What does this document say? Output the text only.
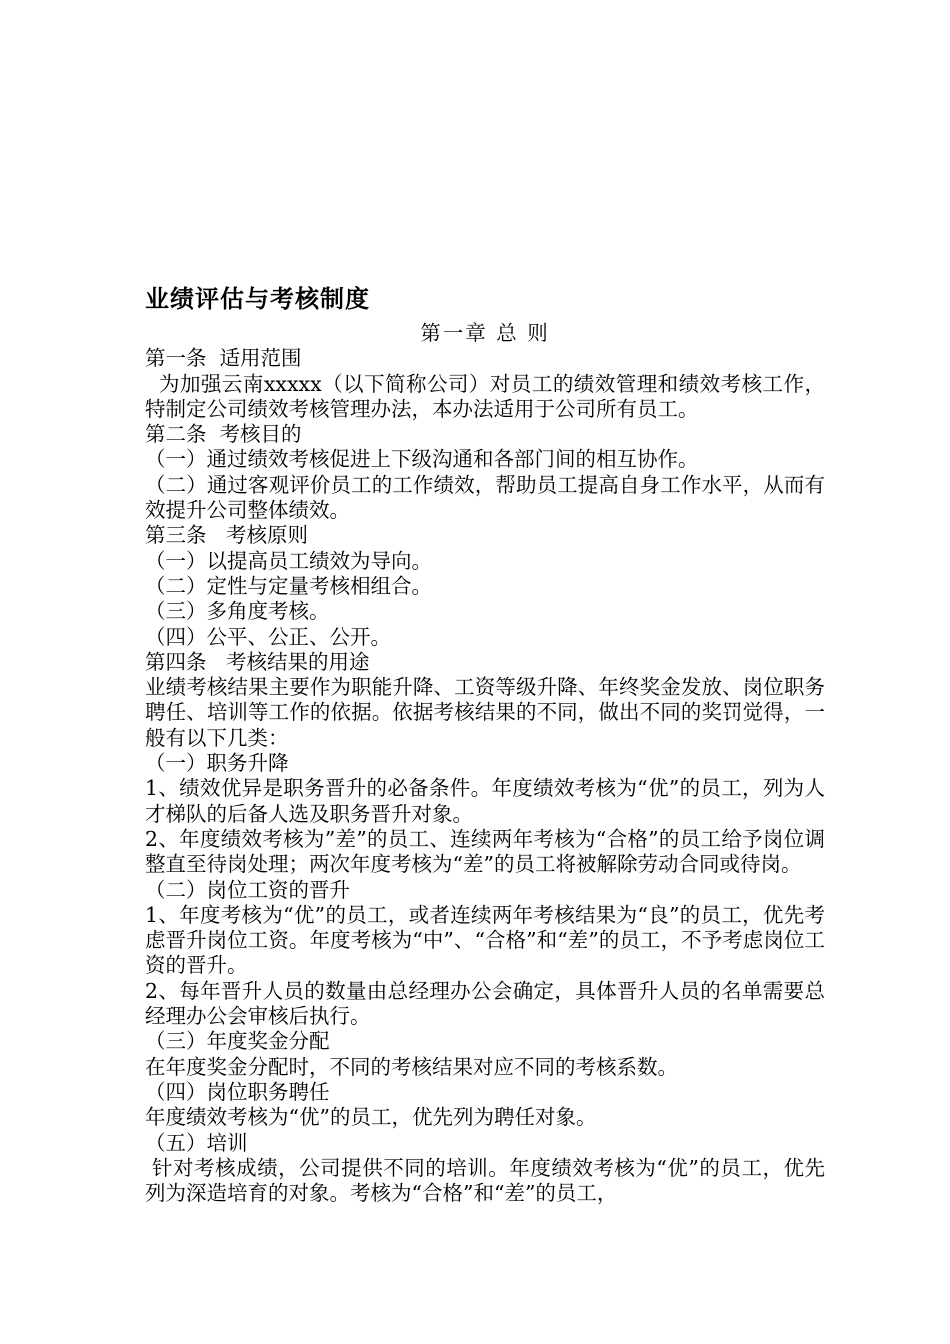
业绩评估与考核制度

第一章 总 则

第一条  适用范围

为加强云南xxxxx（以下简称公司）对员工的绩效管理和绩效考核工作，特制定公司绩效考核管理办法，本办法适用于公司所有员工。

第二条  考核目的

（一）通过绩效考核促进上下级沟通和各部门间的相互协作。

（二）通过客观评价员工的工作绩效，帮助员工提高自身工作水平，从而有效提升公司整体绩效。

第三条   考核原则

（一）以提高员工绩效为导向。

（二）定性与定量考核相组合。

（三）多角度考核。

（四）公平、公正、公开。

第四条   考核结果的用途

业绩考核结果主要作为职能升降、工资等级升降、年终奖金发放、岗位职务聘任、培训等工作的依据。依据考核结果的不同，做出不同的奖罚觉得，一般有以下几类：

（一）职务升降

1、绩效优异是职务晋升的必备条件。年度绩效考核为“优”的员工，列为人才梯队的后备人选及职务晋升对象。

2、年度绩效考核为”差”的员工、连续两年考核为“合格”的员工给予岗位调整直至待岗处理；两次年度考核为“差”的员工将被解除劳动合同或待岗。

（二）岗位工资的晋升

1、年度考核为“优”的员工，或者连续两年考核结果为“良”的员工，优先考虑晋升岗位工资。年度考核为“中”、“合格”和“差”的员工，不予考虑岗位工资的晋升。

2、每年晋升人员的数量由总经理办公会确定，具体晋升人员的名单需要总经理办公会审核后执行。

（三）年度奖金分配

在年度奖金分配时，不同的考核结果对应不同的考核系数。

（四）岗位职务聘任

年度绩效考核为“优”的员工，优先列为聘任对象。

（五）培训

针对考核成绩，公司提供不同的培训。年度绩效考核为“优”的员工，优先列为深造培育的对象。考核为“合格”和“差”的员工，
